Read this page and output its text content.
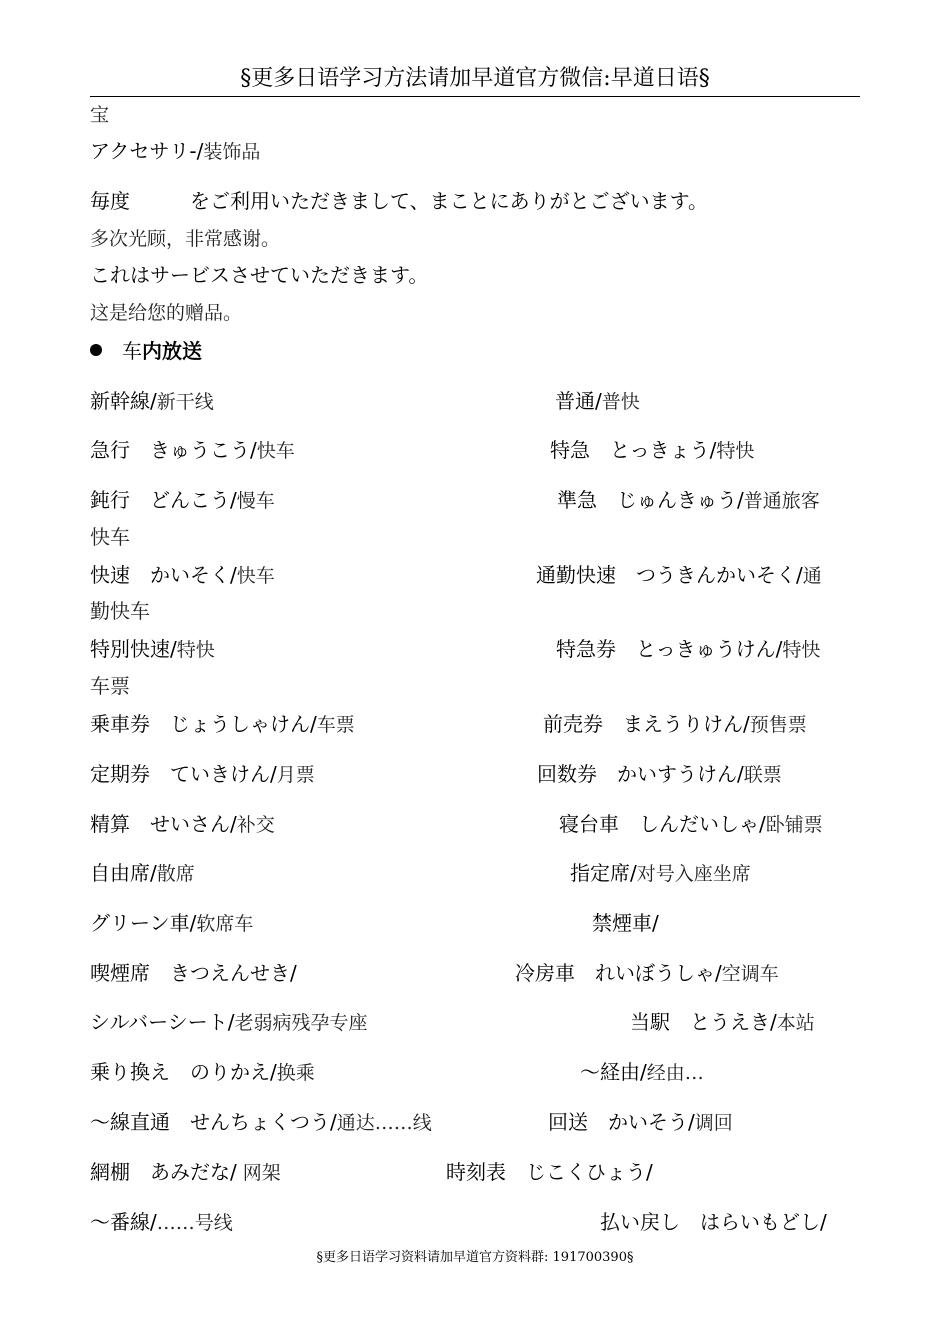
§更多日语学习方法请加早道官方微信:早道日语§
宝
アクセサリ-/装饰品
毎度	をご利用いただきまして、まことにありがとございます。
多次光顾，非常感谢。
これはサービスさせていただきます。
这是给您的赠品。
车内放送
新幹線/新干线	普通/普快
急行　きゅうこう/快车	特急　とっきょう/特快
鈍行　どんこう/慢车	準急　じゅんきゅう/普通旅客
快车
快速　かいそく/快车	通勤快速　つうきんかいそく/通
勤快车
特別快速/特快	特急券　とっきゅうけん/特快
车票
乗車券　じょうしゃけん/车票	前売券　まえうりけん/预售票
定期券　ていきけん/月票	回数券　かいすうけん/联票
精算　せいさん/补交	寝台車　しんだいしゃ/卧铺票
自由席/散席	指定席/对号入座坐席
グリーン車/软席车	禁煙車/
喫煙席　きつえんせき/	冷房車　れいぼうしゃ/空调车
シルバーシート/老弱病残孕专座	当駅　とうえき/本站
乗り換え　のりかえ/换乘	～経由/经由…
～線直通　せんちょくつう/通达……线	回送　かいそう/调回
網棚　あみだな/ 网架	時刻表　じこくひょう/
～番線/……号线	払い戻し　はらいもどし/
§更多日语学习资料请加早道官方资料群: 191700390§
